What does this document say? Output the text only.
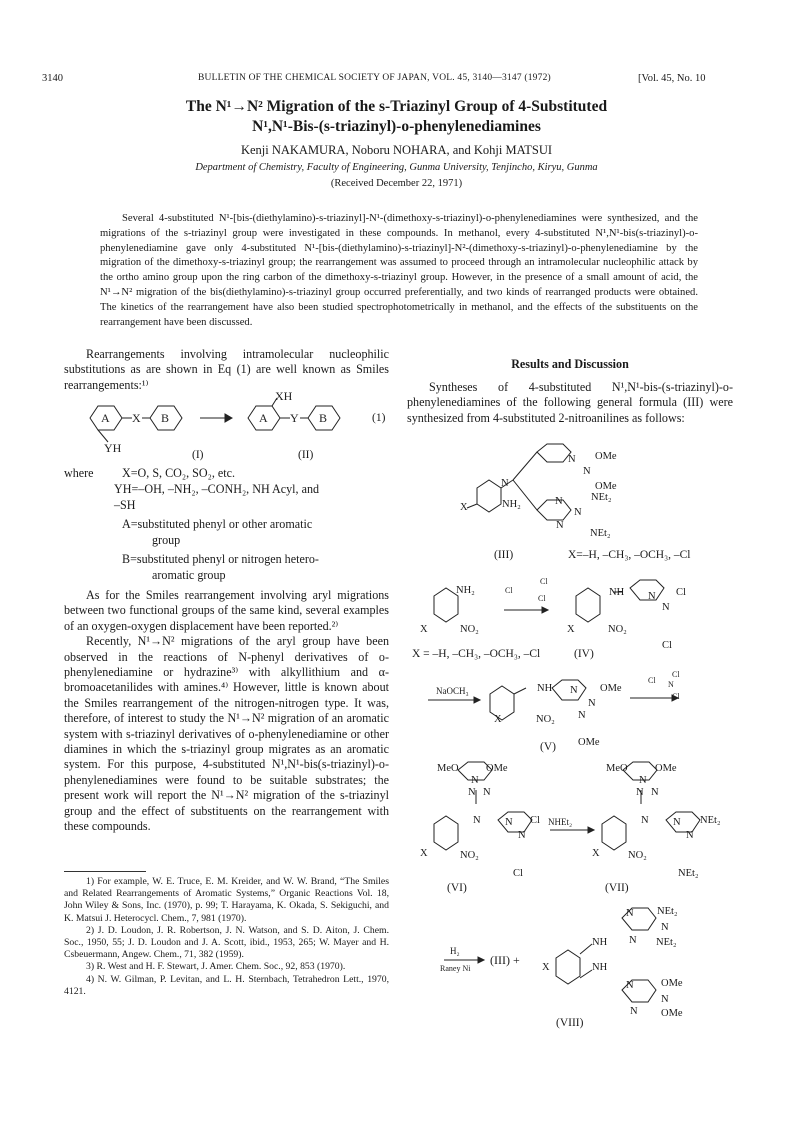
3140	BULLETIN OF THE CHEMICAL SOCIETY OF JAPAN, VOL. 45, 3140—3147 (1972)	[Vol. 45, No. 10
The N¹→N² Migration of the s-Triazinyl Group of 4-Substituted
N¹,N¹-Bis-(s-triazinyl)-o-phenylenediamines
Kenji NAKAMURA, Noboru NOHARA, and Kohji MATSUI
Department of Chemistry, Faculty of Engineering, Gunma University, Tenjincho, Kiryu, Gunma
(Received December 22, 1971)

Several 4-substituted N¹-[bis-(diethylamino)-s-triazinyl]-N¹-(dimethoxy-s-triazinyl)-o-phenylenediamines were synthesized, and the migrations of the s-triazinyl group were investigated in these compounds. In methanol, every 4-substituted N¹,N¹-bis(s-triazinyl)-o-phenylenediamine gave only 4-substituted N¹-[bis-(diethylamino)-s-triazinyl]-N²-(dimethoxy-s-triazinyl)-o-phenylenediamine by the migration of the dimethoxy-s-triazinyl group; the rearrangement was assumed to proceed through an intramolecular nucleophilic attack by the ortho amino group upon the ring carbon of the dimethoxy-s-triazinyl group. However, in the presence of a small amount of acid, the N¹→N² migration of the bis(diethylamino)-s-triazinyl group occurred preferentially, and two kinds of rearranged products were obtained. The kinetics of the rearrangement have also been studied spectrophotometrically in methanol, and the effects of the substituents on the rearrangement have been discussed.

Rearrangements involving intramolecular nucleophilic substitutions as are shown in Eq (1) are well known as Smiles rearrangements:¹⁾

A X B
YH
A Y B
XH
(1)
(I)	(II)
where X=O, S, CO₂, SO₂, etc.
YH=–OH, –NH₂, –CONH₂, NH Acyl, and
–SH
A=substituted phenyl or other aromatic
group
B=substituted phenyl or nitrogen hetero-
aromatic group

As for the Smiles rearrangement involving aryl migrations between two functional groups of the same kind, several examples of an oxygen-oxygen displacement have been reported.²⁾

Recently, N¹→N² migrations of the aryl group have been observed in the reactions of N-phenyl derivatives of o-phenylenediamine or hydrazine³⁾ with alkyllithium and α-bromoacetanilides with amines.⁴⁾ However, little is known about the Smiles rearrangement of the nitrogen-nitrogen type. It was, therefore, of interest to study the N¹→N² migration of an aromatic system with s-triazinyl derivatives of o-phenylenediamine or other diamines in which the s-triazinyl group migrates as an aromatic system. For this purpose, 4-substituted N¹,N¹-bis(s-triazinyl)-o-phenylenediamines were found to be suitable substrates; the present work will report the N¹→N² migration of the s-triazinyl group and the effect of substituents on the rearrangement with these compounds.

1) For example, W. E. Truce, E. M. Kreider, and W. W. Brand, “The Smiles and Related Rearrangements of Aromatic Systems,” Organic Reactions Vol. 18, John Wiley & Sons, Inc. (1970), p. 99; T. Harayama, K. Okada, S. Sekiguchi, and K. Matsui J. Heterocycl. Chem., 7, 981 (1970).

2) J. D. Loudon, J. R. Robertson, J. N. Watson, and S. D. Aiton, J. Chem. Soc., 1950, 55; J. D. Loudon and J. A. Scott, ibid., 1953, 265; W. Mayer and H. Csbeuermann, Angew. Chem., 71, 382 (1959).

3) R. West and H. F. Stewart, J. Amer. Chem. Soc., 92, 853 (1970).

4) N. W. Gilman, P. Levitan, and L. H. Sternbach, Tetrahedron Lett., 1970, 4121.

Results and Discussion

Syntheses of 4-substituted N¹,N¹-bis-(s-triazinyl)-o-phenylenediamines of the following general formula (III) were synthesized from 4-substituted 2-nitroanilines as follows:

X
N
NH₂
N OMe
N
OMe
N	NEt₂
N
N
NEt₂
(III)	X=–H, –CH₃, –OCH₃, –Cl
NH₂
X	NO₂
Cl
Cl
Cl
NH N Cl
N
X	NO₂
Cl
X = –H, –CH₃, –OCH₃, –Cl	(IV)
NaOCH₃	NH N OMe
N
X	NO₂ N
OMe
(V)
Cl N
Cl
Cl
MeO	OMe
N
N N
N N Cl
N
X	NO₂
Cl
(VI)
NHEt₂
MeO	OMe
N
N N
N N NEt₂
N
X	NO₂
NEt₂
(VII)
N NEt₂
N
NH N NEt₂
H₂
Raney Ni
(III) +
X	NH
N	OMe
N
N OMe
(VIII)
